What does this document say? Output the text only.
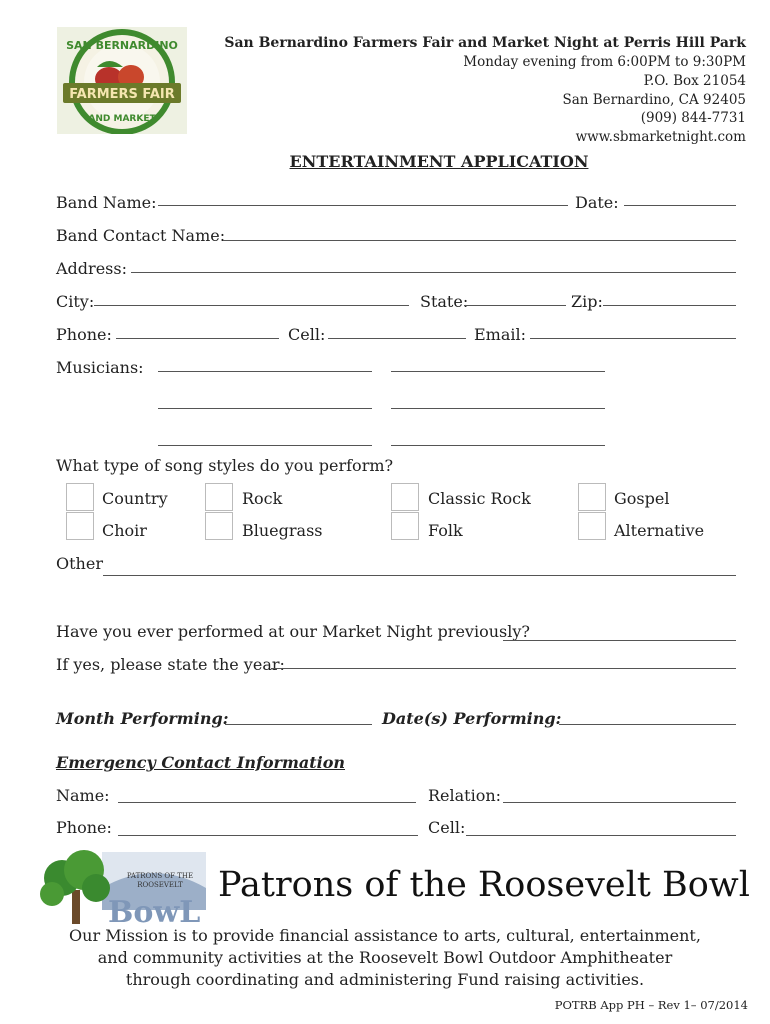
SAN BERNARDINO
FARMERS FAIR
AND MARKET
San Bernardino Farmers Fair and Market Night at Perris Hill Park
Monday evening from 6:00PM to 9:30PM
P.O. Box 21054
San Bernardino, CA 92405
(909) 844-7731
www.sbmarketnight.com
ENTERTAINMENT APPLICATION
Band Name:	Date:
Band Contact Name:
Address:
City:	State:	Zip:
Phone:	Cell:	Email:
Musicians:
What type of song styles do you perform?
Country	Rock	Classic Rock	Gospel
Choir	Bluegrass	Folk	Alternative
Other
Have you ever performed at our Market Night previously?
If yes, please state the year:
Month Performing:	Date(s) Performing:
Emergency Contact Information
Name:	Relation:
Phone:	Cell:
PATRONS OF THE
ROOSEVELT
BowL
Patrons of the Roosevelt Bowl
Our Mission is to provide financial assistance to arts, cultural, entertainment,
and community activities at the Roosevelt Bowl Outdoor Amphitheater
through coordinating and administering Fund raising activities.
POTRB App PH – Rev 1– 07/2014
